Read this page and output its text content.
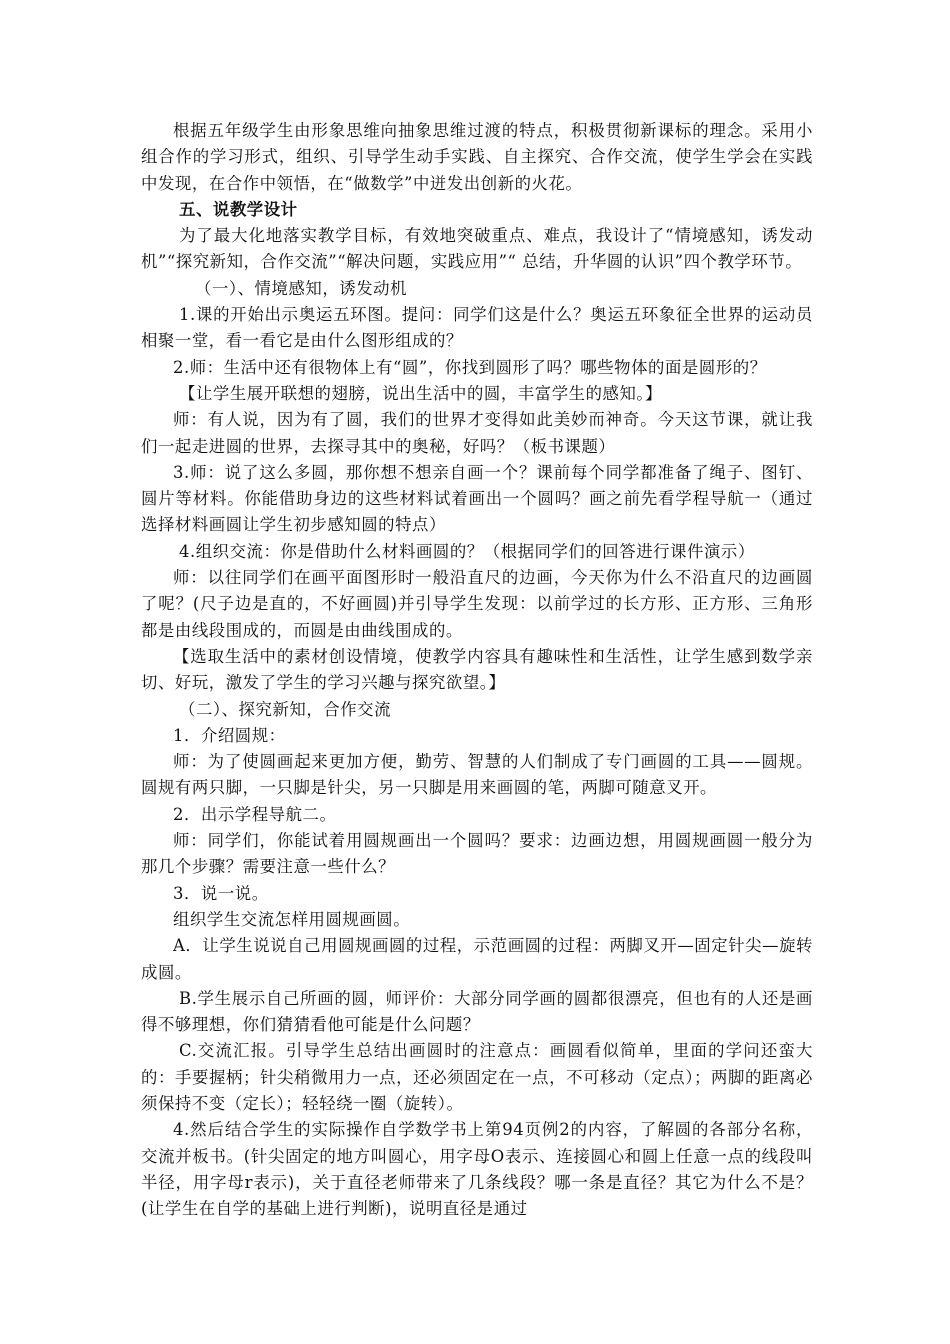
根据五年级学生由形象思维向抽象思维过渡的特点，积极贯彻新课标的理念。采用小组合作的学习形式，组织、引导学生动手实践、自主探究、合作交流，使学生学会在实践中发现，在合作中领悟，在“做数学”中迸发出创新的火花。

五、说教学设计

为了最大化地落实教学目标，有效地突破重点、难点，我设计了“情境感知，诱发动机”“探究新知，合作交流”“解决问题，实践应用”“ 总结，升华圆的认识”四个教学环节。

（一）、情境感知，诱发动机

1.课的开始出示奥运五环图。提问：同学们这是什么？奥运五环象征全世界的运动员相聚一堂，看一看它是由什么图形组成的？

2.师：生活中还有很物体上有“圆”，你找到圆形了吗？哪些物体的面是圆形的？

【让学生展开联想的翅膀，说出生活中的圆，丰富学生的感知。】

师：有人说，因为有了圆，我们的世界才变得如此美妙而神奇。今天这节课，就让我们一起走进圆的世界，去探寻其中的奥秘，好吗？（板书课题）

3.师：说了这么多圆，那你想不想亲自画一个？课前每个同学都准备了绳子、图钉、圆片等材料。你能借助身边的这些材料试着画出一个圆吗？画之前先看学程导航一（通过选择材料画圆让学生初步感知圆的特点）

4.组织交流：你是借助什么材料画圆的？（根据同学们的回答进行课件演示）

师：以往同学们在画平面图形时一般沿直尺的边画，今天你为什么不沿直尺的边画圆了呢？(尺子边是直的，不好画圆)并引导学生发现：以前学过的长方形、正方形、三角形都是由线段围成的，而圆是由曲线围成的。

【选取生活中的素材创设情境，使教学内容具有趣味性和生活性，让学生感到数学亲切、好玩，激发了学生的学习兴趣与探究欲望。】

（二）、探究新知，合作交流

1．介绍圆规：

师：为了使圆画起来更加方便，勤劳、智慧的人们制成了专门画圆的工具——圆规。圆规有两只脚，一只脚是针尖，另一只脚是用来画圆的笔，两脚可随意叉开。

2．出示学程导航二。

师：同学们，你能试着用圆规画出一个圆吗？要求：边画边想，用圆规画圆一般分为那几个步骤？需要注意一些什么？

3．说一说。

组织学生交流怎样用圆规画圆。

A．让学生说说自己用圆规画圆的过程，示范画圆的过程：两脚叉开—固定针尖—旋转成圆。

B.学生展示自己所画的圆，师评价：大部分同学画的圆都很漂亮，但也有的人还是画得不够理想，你们猜猜看他可能是什么问题？

C.交流汇报。引导学生总结出画圆时的注意点：画圆看似简单，里面的学问还蛮大的：手要握柄；针尖稍微用力一点，还必须固定在一点，不可移动（定点）；两脚的距离必须保持不变（定长）；轻轻绕一圈（旋转）。

4.然后结合学生的实际操作自学数学书上第94页例2的内容，了解圆的各部分名称，交流并板书。(针尖固定的地方叫圆心，用字母O表示、连接圆心和圆上任意一点的线段叫半径，用字母r表示)，关于直径老师带来了几条线段？哪一条是直径？其它为什么不是？(让学生在自学的基础上进行判断)，说明直径是通过
